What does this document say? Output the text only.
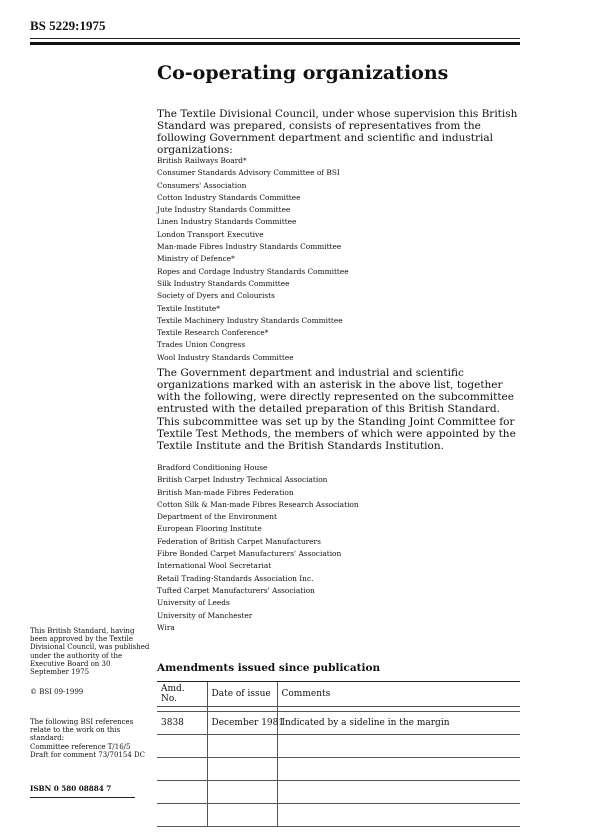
BS 5229:1975
Co-operating organizations

The Textile Divisional Council, under whose supervision this British Standard was prepared, consists of representatives from the following Government department and scientific and industrial organizations:

British Railways Board*
Consumer Standards Advisory Committee of BSI
Consumers' Association
Cotton Industry Standards Committee
Jute Industry Standards Committee
Linen Industry Standards Committee
London Transport Executive
Man-made Fibres Industry Standards Committee
Ministry of Defence*
Ropes and Cordage Industry Standards Committee
Silk Industry Standards Committee
Society of Dyers and Colourists
Textile Institute*
Textile Machinery Industry Standards Committee
Textile Research Conference*
Trades Union Congress
Wool Industry Standards Committee

The Government department and industrial and scientific organizations marked with an asterisk in the above list, together with the following, were directly represented on the subcommittee entrusted with the detailed preparation of this British Standard.

This subcommittee was set up by the Standing Joint Committee for Textile Test Methods, the members of which were appointed by the Textile Institute and the British Standards Institution.

Bradford Conditioning House
British Carpet Industry Technical Association
British Man-made Fibres Federation
Cotton Silk & Man-made Fibres Research Association
Department of the Environment
European Flooring Institute
Federation of British Carpet Manufacturers
Fibre Bonded Carpet Manufacturers' Association
International Wool Secretariat
Retail Trading-Standards Association Inc.
Tufted Carpet Manufacturers' Association
University of Leeds
University of Manchester
Wira

This British Standard, having been approved by the Textile Divisional Council, was published under the authority of the Executive Board on 30 September 1975

© BSI 09-1999

The following BSI references relate to the work on this standard:
Committee reference T/16/5
Draft for comment 73/70154 DC

ISBN 0 580 08884 7
Amendments issued since publication
Amd. No.	Date of issue	Comments

3838	December 1981	Indicated by a sideline in the margin
